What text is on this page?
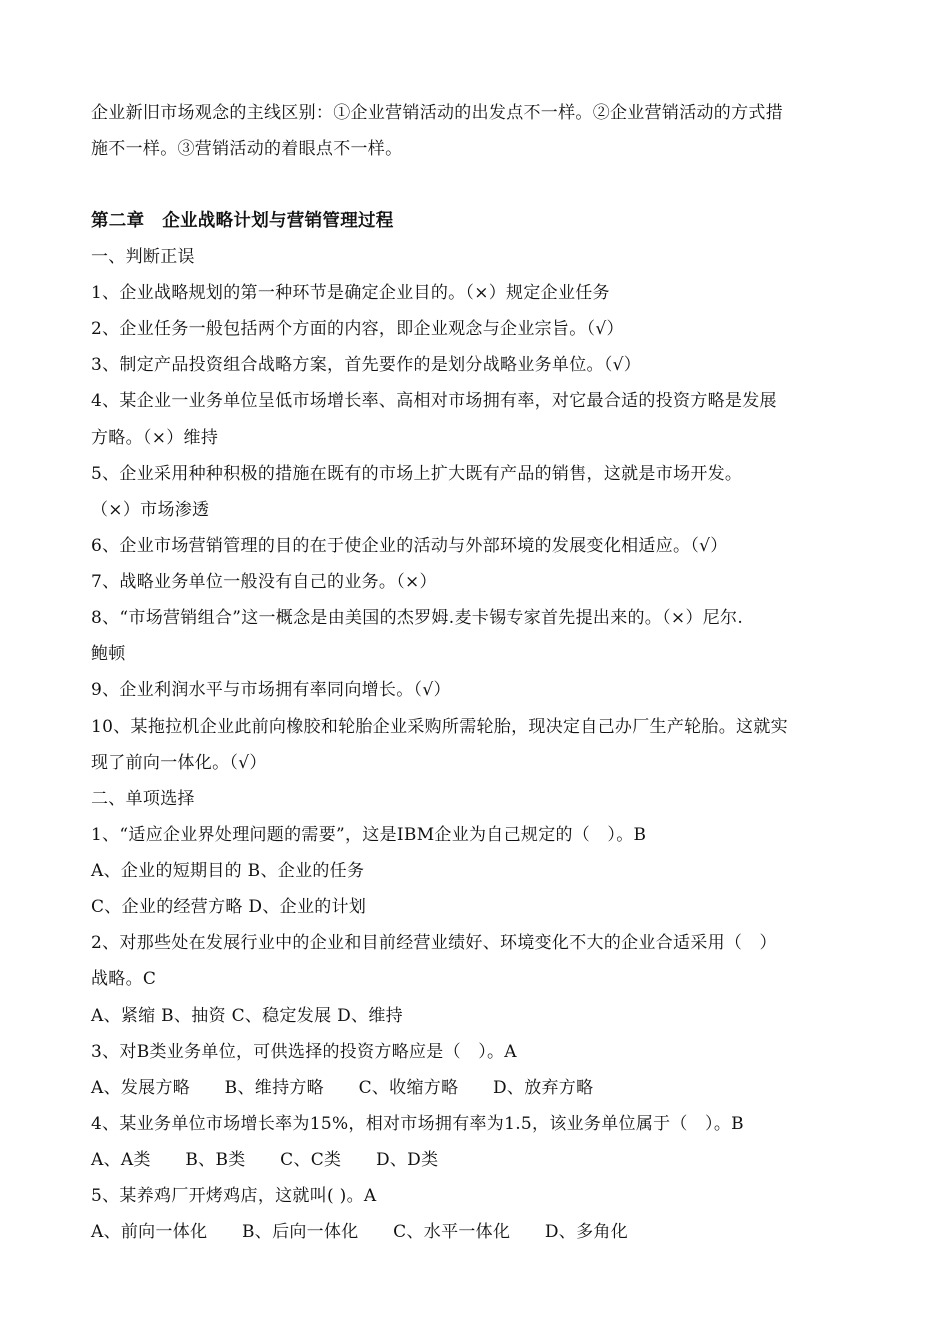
企业新旧市场观念的主线区别：①企业营销活动的出发点不一样。②企业营销活动的方式措
施不一样。③营销活动的着眼点不一样。
第二章　企业战略计划与营销管理过程
一、判断正误
1、企业战略规划的第一种环节是确定企业目的。（×）规定企业任务
2、企业任务一般包括两个方面的内容，即企业观念与企业宗旨。（√）
3、制定产品投资组合战略方案，首先要作的是划分战略业务单位。（√）
4、某企业一业务单位呈低市场增长率、高相对市场拥有率，对它最合适的投资方略是发展
方略。（×）维持
5、企业采用种种积极的措施在既有的市场上扩大既有产品的销售，这就是市场开发。
（×）市场渗透
6、企业市场营销管理的目的在于使企业的活动与外部环境的发展变化相适应。（√）
7、战略业务单位一般没有自己的业务。（×）
8、“市场营销组合”这一概念是由美国的杰罗姆.麦卡锡专家首先提出来的。（×）尼尔.
鲍顿
9、企业利润水平与市场拥有率同向增长。（√）
10、某拖拉机企业此前向橡胶和轮胎企业采购所需轮胎，现决定自己办厂生产轮胎。这就实
现了前向一体化。（√）
二、单项选择
1、“适应企业界处理问题的需要”，这是IBM企业为自己规定的（　）。B
A、企业的短期目的 B、企业的任务
C、企业的经营方略 D、企业的计划
2、对那些处在发展行业中的企业和目前经营业绩好、环境变化不大的企业合适采用（　）
战略。C
A、紧缩 B、抽资 C、稳定发展 D、维持
3、对B类业务单位，可供选择的投资方略应是（　）。A
A、发展方略　　B、维持方略　　C、收缩方略　　D、放弃方略
4、某业务单位市场增长率为15%，相对市场拥有率为1.5，该业务单位属于（　）。B
A、A类　　B、B类　　C、C类　　D、D类
5、某养鸡厂开烤鸡店，这就叫( )。A
A、前向一体化　　B、后向一体化　　C、水平一体化　　D、多角化
